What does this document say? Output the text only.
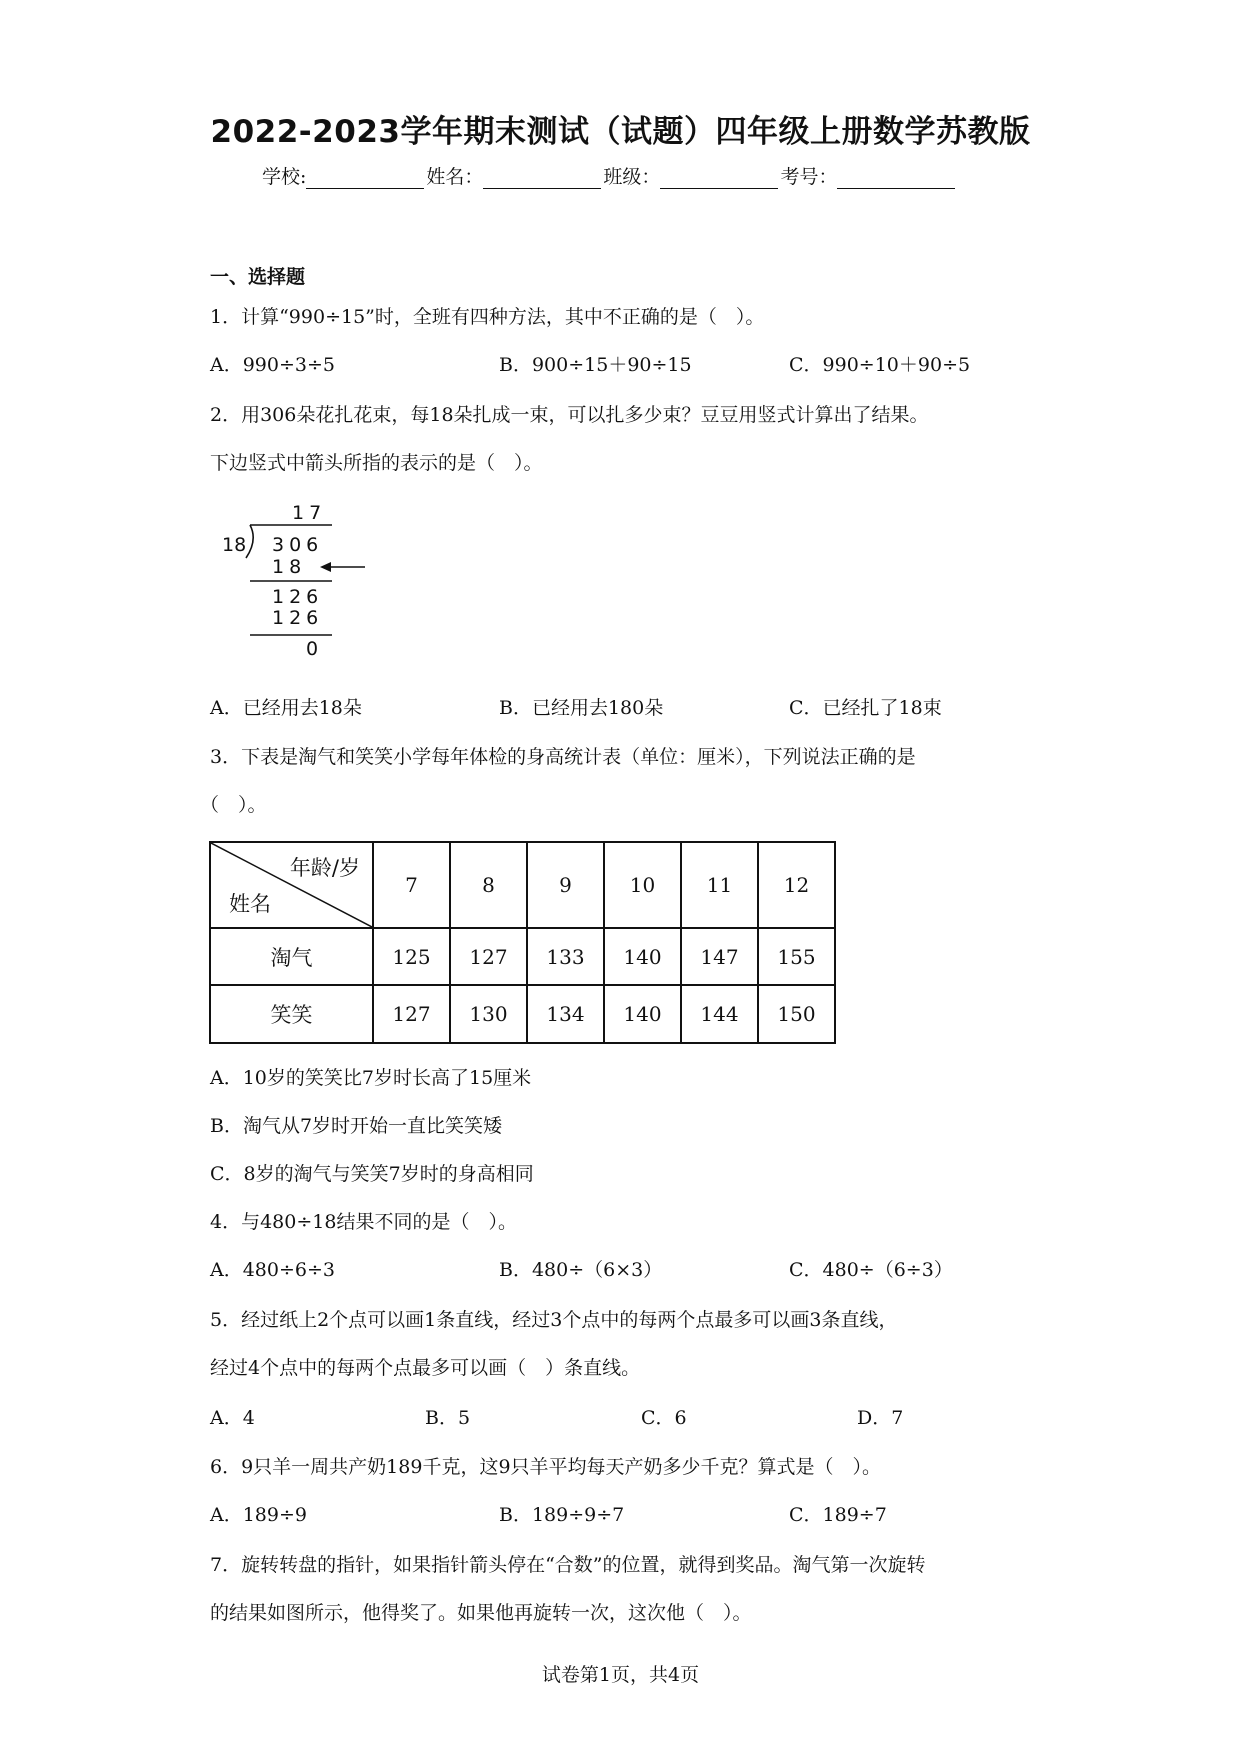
2022-2023学年期末测试（试题）四年级上册数学苏教版
学校:	姓名：	班级：	考号：
一、选择题
1．计算“990÷15”时，全班有四种方法，其中不正确的是（　）。
A．990÷3÷5	B．900÷15＋90÷15	C．990÷10＋90÷5
2．用306朵花扎花束，每18朵扎成一束，可以扎多少束？豆豆用竖式计算出了结果。
下边竖式中箭头所指的表示的是（　）。
17
18 306
18
126
126
0
A．已经用去18朵	B．已经用去180朵	C．已经扎了18束
3．下表是淘气和笑笑小学每年体检的身高统计表（单位：厘米），下列说法正确的是
（　）。
年龄/岁
姓名	7	8	9	10	11	12
淘气	125	127	133	140	147	155
笑笑	127	130	134	140	144	150
A．10岁的笑笑比7岁时长高了15厘米
B．淘气从7岁时开始一直比笑笑矮
C．8岁的淘气与笑笑7岁时的身高相同
4．与480÷18结果不同的是（　）。
A．480÷6÷3	B．480÷（6×3）	C．480÷（6÷3）
5．经过纸上2个点可以画1条直线，经过3个点中的每两个点最多可以画3条直线，
经过4个点中的每两个点最多可以画（　）条直线。
A．4	B．5	C．6	D．7
6．9只羊一周共产奶189千克，这9只羊平均每天产奶多少千克？算式是（　）。
A．189÷9	B．189÷9÷7	C．189÷7
7．旋转转盘的指针，如果指针箭头停在“合数”的位置，就得到奖品。淘气第一次旋转
的结果如图所示，他得奖了。如果他再旋转一次，这次他（　）。
试卷第1页，共4页
